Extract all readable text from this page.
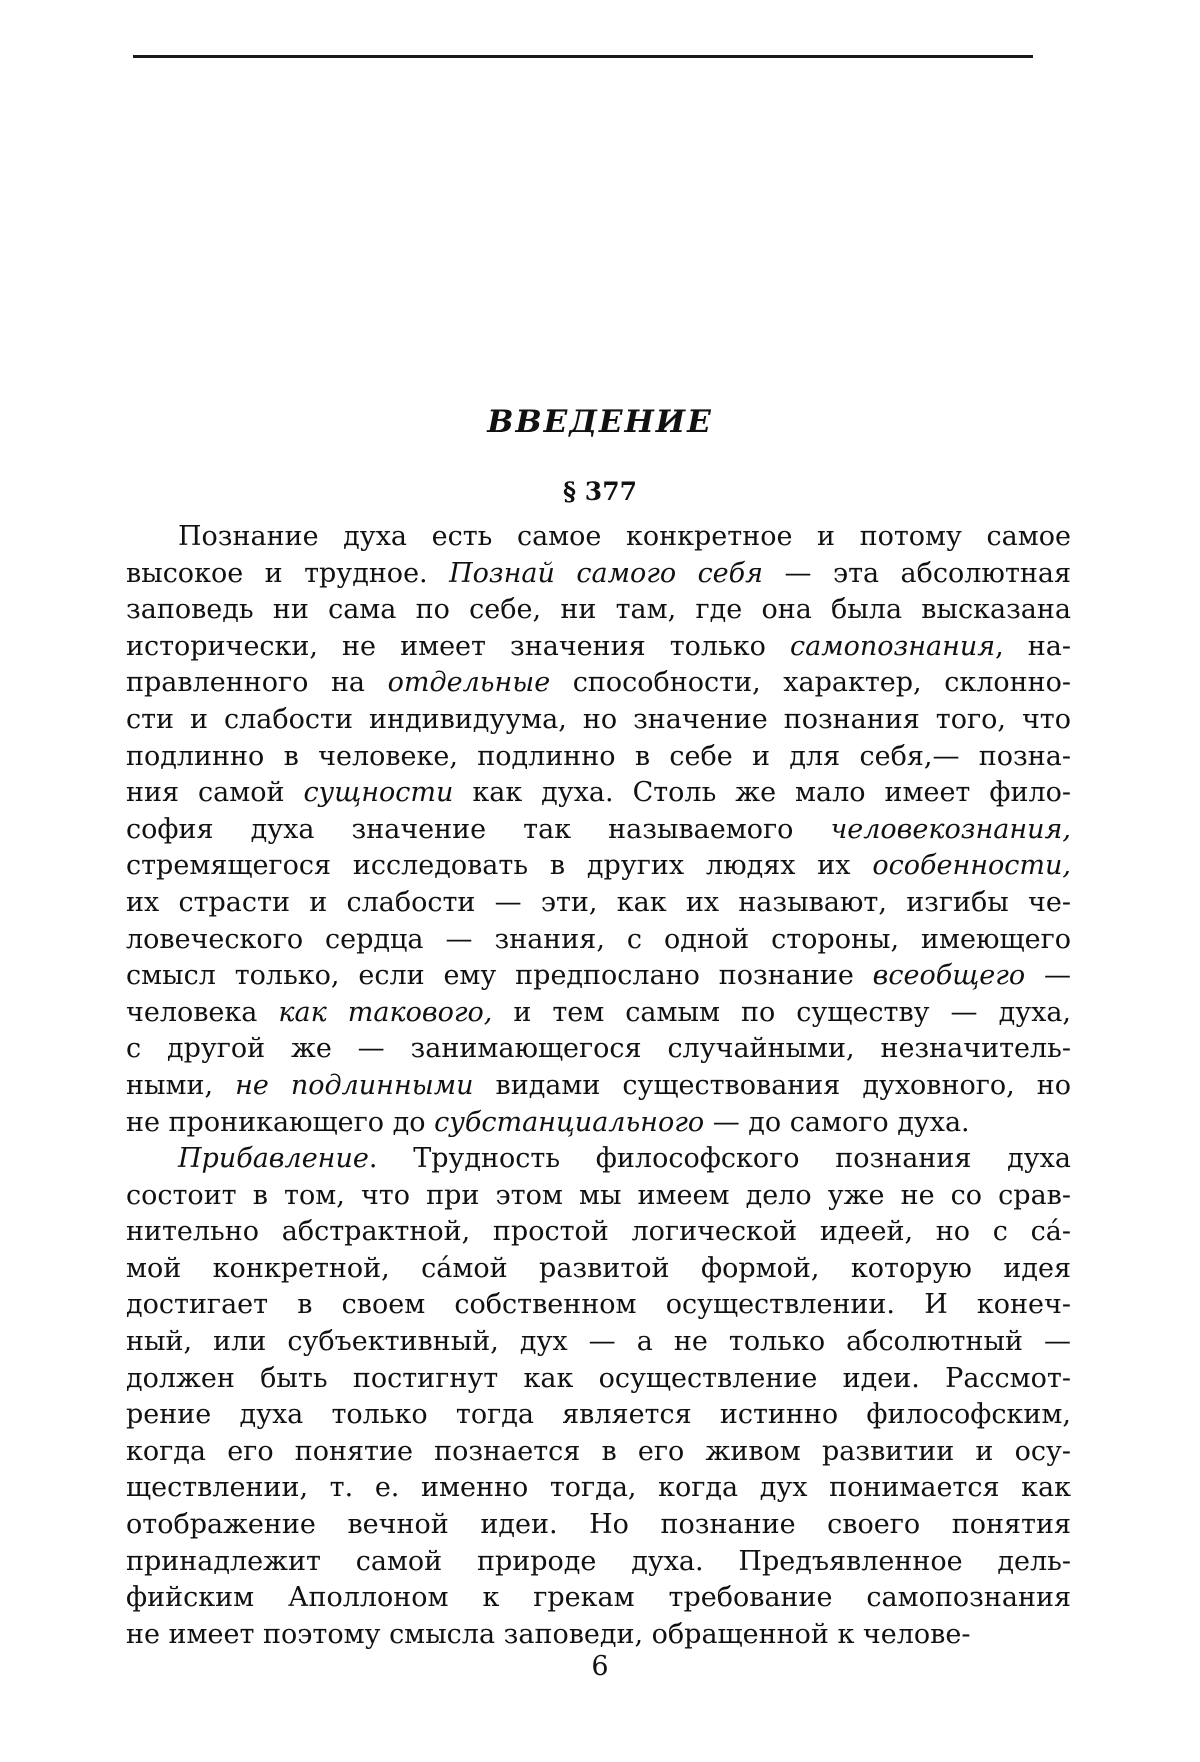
ВВЕДЕНИЕ
§ 377
Познание духа есть самое конкретное и потому самое
высокое и трудное. Познай самого себя — эта абсолютная
заповедь ни сама по себе, ни там, где она была высказана
исторически, не имеет значения только самопознания, на-
правленного на отдельные способности, характер, склонно-
сти и слабости индивидуума, но значение познания того, что
подлинно в человеке, подлинно в себе и для себя,— позна-
ния самой сущности как духа. Столь же мало имеет фило-
софия духа значение так называемого человекознания,
стремящегося исследовать в других людях их особенности,
их страсти и слабости — эти, как их называют, изгибы че-
ловеческого сердца — знания, с одной стороны, имеющего
смысл только, если ему предпослано познание всеобщего —
человека как такового, и тем самым по существу — духа,
с другой же — занимающегося случайными, незначитель-
ными, не подлинными видами существования духовного, но
не проникающего до субстанциального — до самого духа.
Прибавление. Трудность философского познания духа
состоит в том, что при этом мы имеем дело уже не со срав-
нительно абстрактной, простой логической идеей, но с cá-
мой конкретной, cáмой развитой формой, которую идея
достигает в своем собственном осуществлении. И конеч-
ный, или субъективный, дух — а не только абсолютный —
должен быть постигнут как осуществление идеи. Рассмот-
рение духа только тогда является истинно философским,
когда его понятие познается в его живом развитии и осу-
ществлении, т. е. именно тогда, когда дух понимается как
отображение вечной идеи. Но познание своего понятия
принадлежит самой природе духа. Предъявленное дель-
фийским Аполлоном к грекам требование самопознания
не имеет поэтому смысла заповеди, обращенной к челове-
6
